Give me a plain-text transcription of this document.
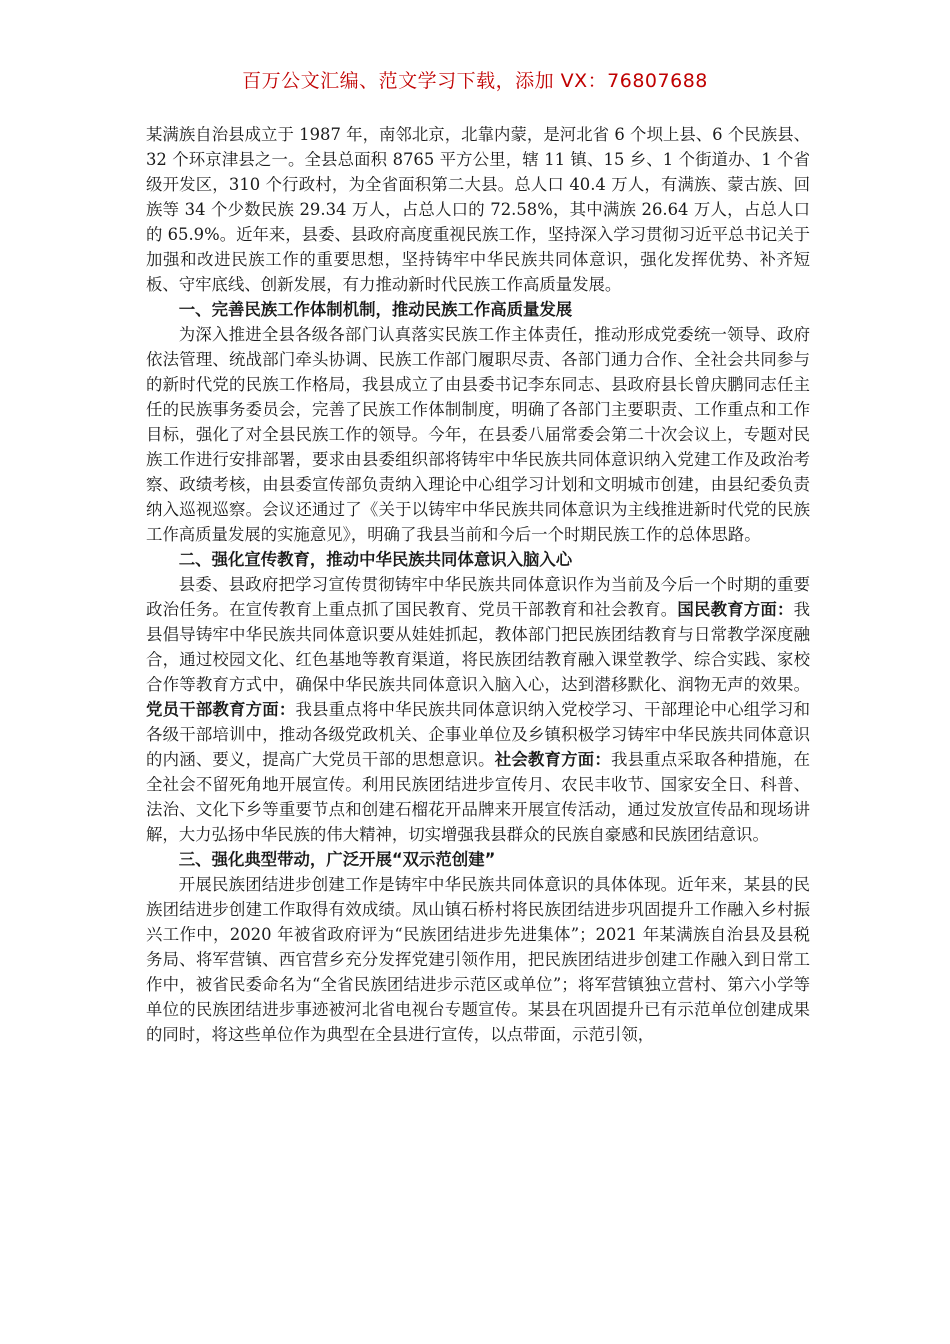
百万公文汇编、范文学习下载，添加 VX：76807688

某满族自治县成立于 1987 年，南邻北京，北靠内蒙，是河北省 6 个坝上县、6 个民族县、32 个环京津县之一。全县总面积 8765 平方公里，辖 11 镇、15 乡、1 个街道办、1 个省级开发区，310 个行政村，为全省面积第二大县。总人口 40.4 万人，有满族、蒙古族、回族等 34 个少数民族 29.34 万人，占总人口的 72.58%，其中满族 26.64 万人，占总人口的 65.9%。近年来，县委、县政府高度重视民族工作，坚持深入学习贯彻习近平总书记关于加强和改进民族工作的重要思想，坚持铸牢中华民族共同体意识，强化发挥优势、补齐短板、守牢底线、创新发展，有力推动新时代民族工作高质量发展。

一、完善民族工作体制机制，推动民族工作高质量发展

为深入推进全县各级各部门认真落实民族工作主体责任，推动形成党委统一领导、政府依法管理、统战部门牵头协调、民族工作部门履职尽责、各部门通力合作、全社会共同参与的新时代党的民族工作格局，我县成立了由县委书记李东同志、县政府县长曾庆鹏同志任主任的民族事务委员会，完善了民族工作体制制度，明确了各部门主要职责、工作重点和工作目标，强化了对全县民族工作的领导。今年，在县委八届常委会第二十次会议上，专题对民族工作进行安排部署，要求由县委组织部将铸牢中华民族共同体意识纳入党建工作及政治考察、政绩考核，由县委宣传部负责纳入理论中心组学习计划和文明城市创建，由县纪委负责纳入巡视巡察。会议还通过了《关于以铸牢中华民族共同体意识为主线推进新时代党的民族工作高质量发展的实施意见》，明确了我县当前和今后一个时期民族工作的总体思路。

二、强化宣传教育，推动中华民族共同体意识入脑入心

县委、县政府把学习宣传贯彻铸牢中华民族共同体意识作为当前及今后一个时期的重要政治任务。在宣传教育上重点抓了国民教育、党员干部教育和社会教育。国民教育方面：我县倡导铸牢中华民族共同体意识要从娃娃抓起，教体部门把民族团结教育与日常教学深度融合，通过校园文化、红色基地等教育渠道，将民族团结教育融入课堂教学、综合实践、家校合作等教育方式中，确保中华民族共同体意识入脑入心，达到潜移默化、润物无声的效果。党员干部教育方面：我县重点将中华民族共同体意识纳入党校学习、干部理论中心组学习和各级干部培训中，推动各级党政机关、企事业单位及乡镇积极学习铸牢中华民族共同体意识的内涵、要义，提高广大党员干部的思想意识。社会教育方面：我县重点采取各种措施，在全社会不留死角地开展宣传。利用民族团结进步宣传月、农民丰收节、国家安全日、科普、法治、文化下乡等重要节点和创建石榴花开品牌来开展宣传活动，通过发放宣传品和现场讲解，大力弘扬中华民族的伟大精神，切实增强我县群众的民族自豪感和民族团结意识。

三、强化典型带动，广泛开展“双示范创建”

开展民族团结进步创建工作是铸牢中华民族共同体意识的具体体现。近年来，某县的民族团结进步创建工作取得有效成绩。凤山镇石桥村将民族团结进步巩固提升工作融入乡村振兴工作中，2020 年被省政府评为“民族团结进步先进集体”；2021 年某满族自治县及县税务局、将军营镇、西官营乡充分发挥党建引领作用，把民族团结进步创建工作融入到日常工作中，被省民委命名为“全省民族团结进步示范区或单位”；将军营镇独立营村、第六小学等单位的民族团结进步事迹被河北省电视台专题宣传。某县在巩固提升已有示范单位创建成果的同时，将这些单位作为典型在全县进行宣传，以点带面，示范引领，
